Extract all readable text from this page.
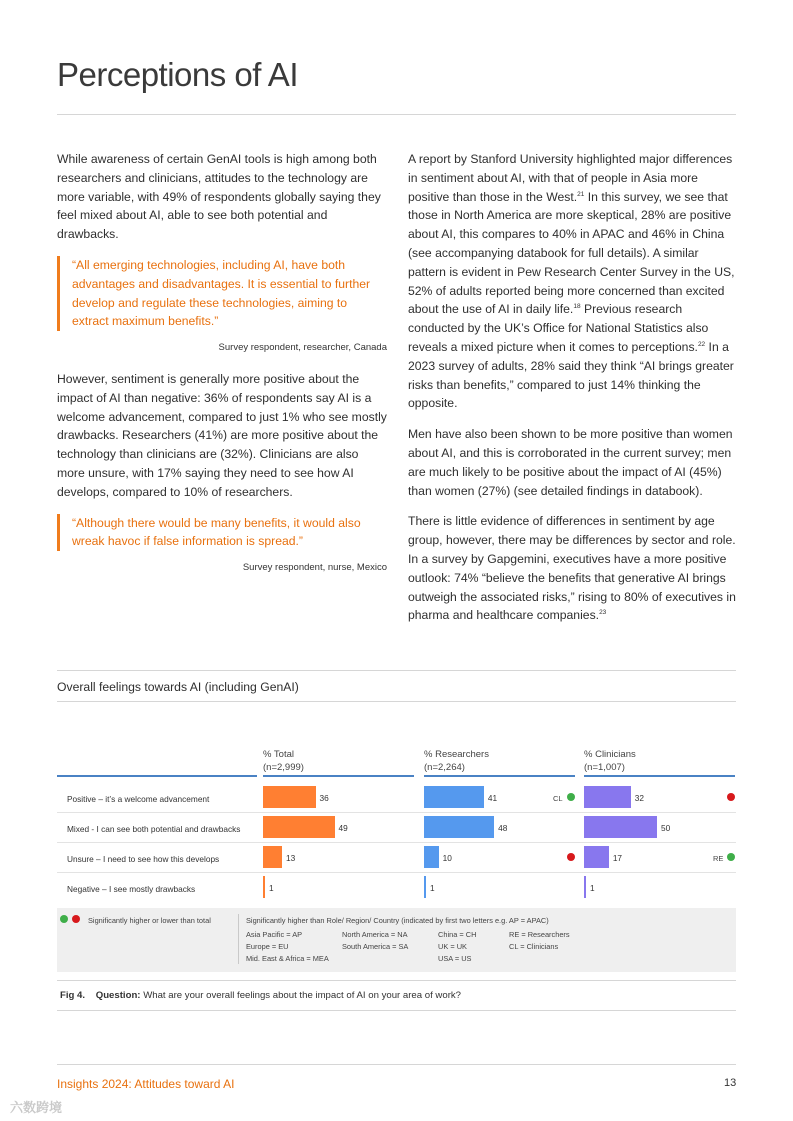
Perceptions of AI

While awareness of certain GenAI tools is high among both researchers and clinicians, attitudes to the technology are more variable, with 49% of respondents globally saying they feel mixed about AI, able to see both potential and drawbacks.

“All emerging technologies, including AI, have both advantages and disadvantages. It is essential to further develop and regulate these technologies, aiming to extract maximum benefits.”
Survey respondent, researcher, Canada

However, sentiment is generally more positive about the impact of AI than negative: 36% of respondents say AI is a welcome advancement, compared to just 1% who see mostly drawbacks. Researchers (41%) are more positive about the technology than clinicians are (32%). Clinicians are also more unsure, with 17% saying they need to see how AI develops, compared to 10% of researchers.

“Although there would be many benefits, it would also wreak havoc if false information is spread.”
Survey respondent, nurse, Mexico

A report by Stanford University highlighted major differences in sentiment about AI, with that of people in Asia more positive than those in the West.$^{21}$ In this survey, we see that those in North America are more skeptical, 28% are positive about AI, this compares to 40% in APAC and 46% in China (see accompanying databook for full details). A similar pattern is evident in Pew Research Center Survey in the US, 52% of adults reported being more concerned than excited about the use of AI in daily life.$^{18}$ Previous research conducted by the UK’s Office for National Statistics also reveals a mixed picture when it comes to perceptions.$^{22}$ In a 2023 survey of adults, 28% said they think “AI brings greater risks than benefits,” compared to just 14% thinking the opposite.

Men have also been shown to be more positive than women about AI, and this is corroborated in the current survey; men are much likely to be positive about the impact of AI (45%) than women (27%) (see detailed findings in databook).

There is little evidence of differences in sentiment by age group, however, there may be differences by sector and role. In a survey by Gapgemini, executives have a more positive outlook: 74% “believe the benefits that generative AI brings outweigh the associated risks,” rising to 80% of executives in pharma and healthcare companies.$^{23}$

Overall feelings towards AI (including GenAI)
% Total
(n=2,999)
% Researchers
(n=2,264)
% Clinicians
(n=1,007)
Positive – it’s a welcome advancement	36	41	32
Mixed - I can see both potential and drawbacks	49	48	50
Unsure – I need to see how this develops	13	10	17
Negative – I see mostly drawbacks	1	1	1
CL
RE
Significantly higher or lower than total	Significantly higher than Role/ Region/ Country (indicated by first two letters e.g. AP = APAC)
Asia Pacific = AP
Europe = EU
Mid. East & Africa = MEA
North America = NA
South America = SA
China = CH
UK = UK
USA = US
RE = Researchers
CL = Clinicians
Fig 4. Question: What are your overall feelings about the impact of AI on your area of work?
Insights 2024: Attitudes toward AI	13
六数跨境
